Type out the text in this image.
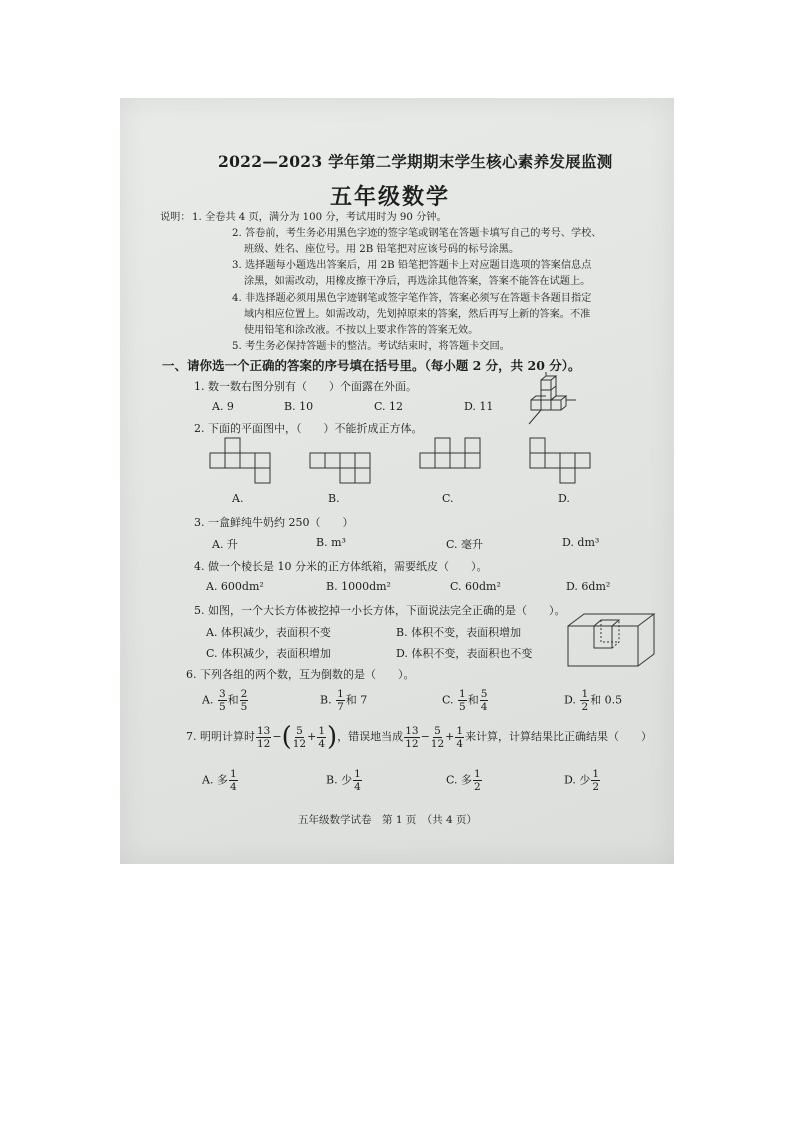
2022—2023 学年第二学期期末学生核心素养发展监测
五年级数学
说明： 1. 全卷共 4 页，满分为 100 分，考试用时为 90 分钟。
2. 答卷前，考生务必用黑色字迹的签字笔或钢笔在答题卡填写自己的考号、学校、
班级、姓名、座位号。用 2B 铅笔把对应该号码的标号涂黑。
3. 选择题每小题选出答案后，用 2B 铅笔把答题卡上对应题目选项的答案信息点
涂黑，如需改动，用橡皮擦干净后，再选涂其他答案，答案不能答在试题上。
4. 非选择题必须用黑色字迹钢笔或签字笔作答，答案必须写在答题卡各题目指定
域内相应位置上。如需改动，先划掉原来的答案，然后再写上新的答案。不准
使用铅笔和涂改液。不按以上要求作答的答案无效。
5. 考生务必保持答题卡的整洁。考试结束时，将答题卡交回。
一、请你选一个正确的答案的序号填在括号里。（每小题 2 分，共 20 分）。
1. 数一数右图分别有（　　）个面露在外面。
A. 9	B. 10	C. 12	D. 11
2. 下面的平面图中，（　　）不能折成正方体。
A.	B.	C.	D.
3. 一盒鲜纯牛奶约 250（　　）
A. 升	B. m³	C. 毫升	D. dm³
4. 做一个棱长是 10 分米的正方体纸箱，需要纸皮（　　）。
A. 600dm²	B. 1000dm²	C. 60dm²	D. 6dm²
5. 如图，一个大长方体被挖掉一小长方体，下面说法完全正确的是（　　）。
A. 体积减少，表面积不变	B. 体积不变，表面积增加
C. 体积减少，表面积增加	D. 体积不变，表面积也不变
6. 下列各组的两个数，互为倒数的是（　　）。
A. $\frac{3}{5}$ 和 $\frac{2}{5}$	B. $\frac{1}{7}$ 和 7	C. $\frac{1}{5}$ 和 $\frac{5}{4}$	D. $\frac{1}{2}$ 和 0.5
7. 明明计算时 $\frac{13}{12}$ −( $\frac{5}{12} + \frac{1}{4}$ )，错误地当成 $\frac{13}{12} - \frac{5}{12} + \frac{1}{4}$ 来计算，计算结果比正确结果（　　）
A. 多 $\frac{1}{4}$	B. 少 $\frac{1}{4}$	C. 多 $\frac{1}{2}$	D. 少 $\frac{1}{2}$
五年级数学试卷　第 1 页　（共 4 页）
